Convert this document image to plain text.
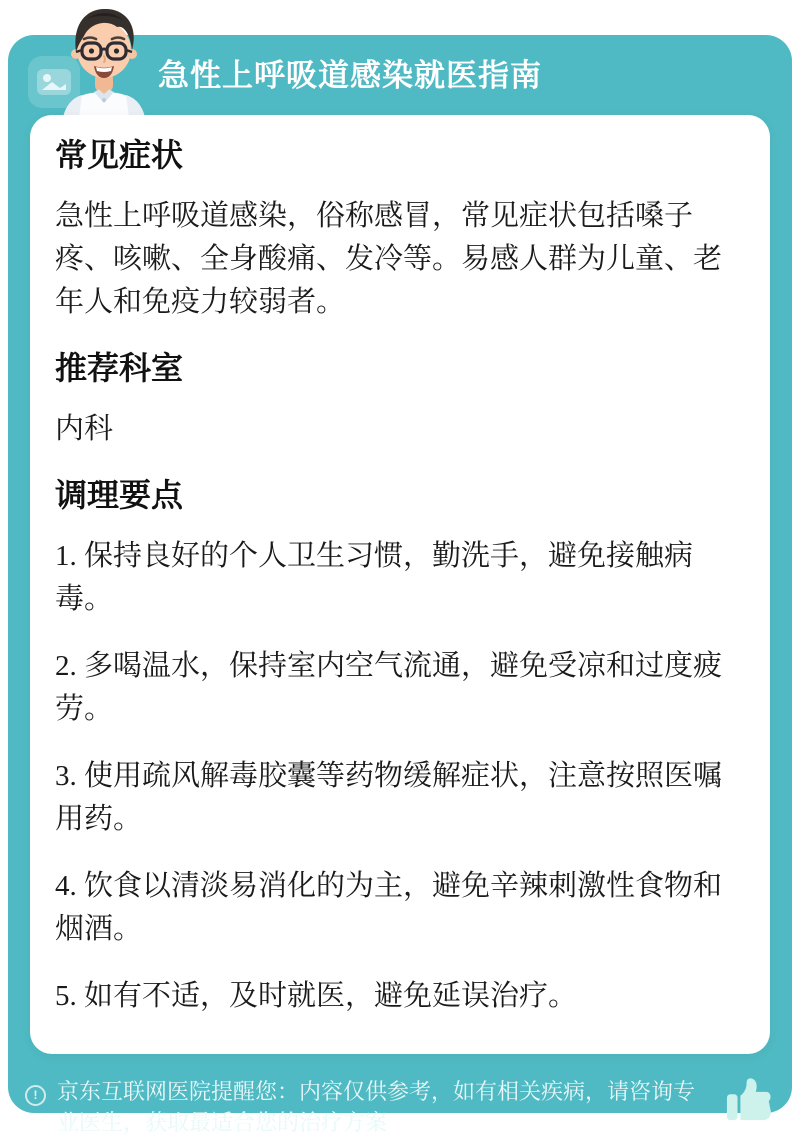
急性上呼吸道感染就医指南
常见症状

急性上呼吸道感染，俗称感冒，常见症状包括嗓子疼、咳嗽、全身酸痛、发冷等。易感人群为儿童、老年人和免疫力较弱者。

推荐科室

内科

调理要点

1. 保持良好的个人卫生习惯，勤洗手，避免接触病毒。

2. 多喝温水，保持室内空气流通，避免受凉和过度疲劳。

3. 使用疏风解毒胶囊等药物缓解症状，注意按照医嘱用药。

4. 饮食以清淡易消化的为主，避免辛辣刺激性食物和烟酒。

5. 如有不适，及时就医，避免延误治疗。

! 京东互联网医院提醒您：内容仅供参考，如有相关疾病，请咨询专业医生，获取最适合您的治疗方案
